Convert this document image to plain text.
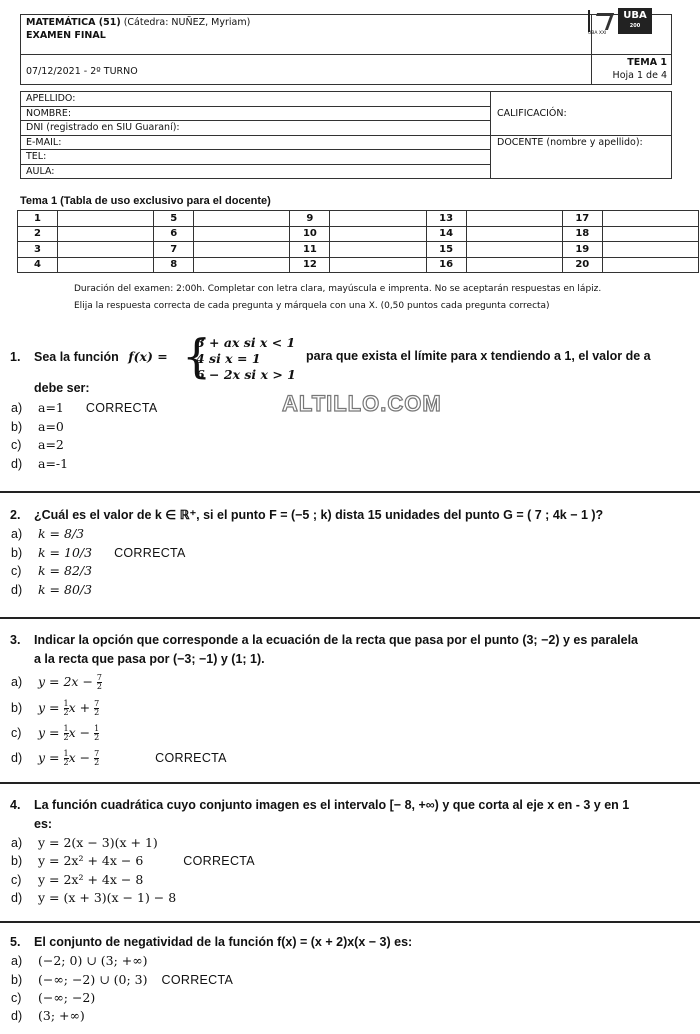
MATEMÁTICA (51) (Cátedra: NUÑEZ, Myriam)
EXAMEN FINAL
07/12/2021 - 2º TURNO
TEMA 1
Hoja 1 de 4
UBA
200
UBA XXI
APELLIDO:
NOMBRE:
DNI (registrado en SIU Guaraní):
E-MAIL:
TEL:
AULA:
CALIFICACIÓN:
DOCENTE (nombre y apellido):
Tema 1 (Tabla de uso exclusivo para el docente)
1		5		9		13		17	
2		6		10		14		18	
3		7		11		15		19	
4		8		12		16		20	
Duración del examen: 2:00h. Completar con letra clara, mayúscula e imprenta. No se aceptarán respuestas en lápiz.
Elija la respuesta correcta de cada pregunta y márquela con una X. (0,50 puntos cada pregunta correcta)
1. Sea la función f(x) = {
3 + ax si x < 1
4 si x = 1
6 − 2x si x > 1
para que exista el límite para x tendiendo a 1, el valor de a
debe ser:
ALTILLO.COM
a) a=1 CORRECTA
b) a=0
c) a=2
d) a=-1
2. ¿Cuál es el valor de k ∈ ℝ⁺, si el punto F = (−5 ; k) dista 15 unidades del punto G = ( 7 ; 4k − 1 )?
a) k = 8/3
b) k = 10/3 CORRECTA
c) k = 82/3
d) k = 80/3
3. Indicar la opción que corresponde a la ecuación de la recta que pasa por el punto (3; −2) y es paralela
a la recta que pasa por (−3; −1) y (1; 1).
a) $y = 2x - \frac{7}{2}$
b) $y = \frac{1}{2}$ $x + \frac{7}{2}$
c) $y = \frac{1}{2}$ $x - \frac{1}{2}$
d) $y = \frac{1}{2}$ $x - \frac{7}{2}$	CORRECTA
4. La función cuadrática cuyo conjunto imagen es el intervalo [− 8, +∞) y que corta al eje x en - 3 y en 1
es:
a) y = 2(x − 3)(x + 1)
b) y = 2x² + 4x − 6	CORRECTA
c) y = 2x² + 4x − 8
d) y = (x + 3)(x − 1) − 8
5. El conjunto de negatividad de la función f(x) = (x + 2)x(x − 3) es:
a) (−2; 0) ∪ (3; +∞)
b) (−∞; −2) ∪ (0; 3) CORRECTA
c) (−∞; −2)
d) (3; +∞)
